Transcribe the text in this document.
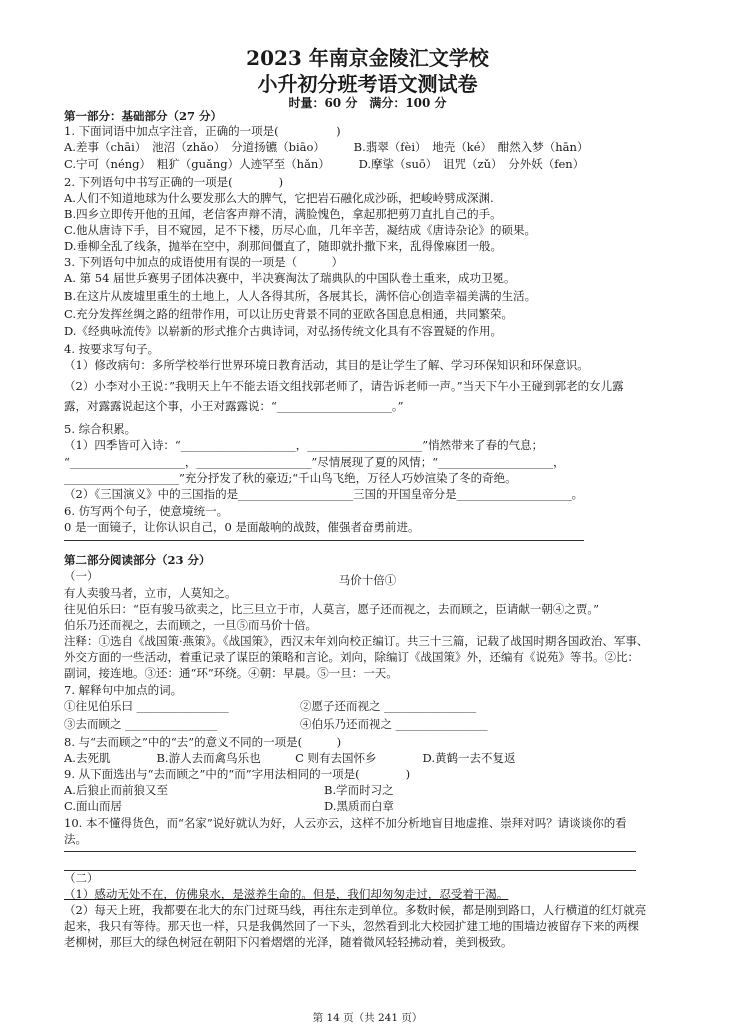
2023 年南京金陵汇文学校
小升初分班考语文测试卷
时量：60 分　满分：100 分
第一部分：基础部分（27 分）
1. 下面词语中加点字注音，正确的一项是(　　　　　)
A.差事（chāi）　池沼（zhǎo）　分道扬镳（biāo）　　　B.翡翠（fèi）　地壳（ké）　酣然入梦（hān）
C.宁可（néng）　粗犷（guǎng）人迹罕至（hǎn）　　　D.摩挲（suō）　诅咒（zǔ）　分外妖（fen）
2. 下列语句中书写正确的一项是(　　　　)
A.人们不知道地球为什么要发那么大的脾气，它把岩石融化成沙砾，把峻岭劈成深渊.
B.四乡立即传开他的丑闻，老信客声辩不清，满脸愧色，拿起那把剪刀直扎自己的手。
C.他从唐诗下手，目不窥园，足不下楼，历尽心血，几年辛苦，凝结成《唐诗杂论》的硕果。
D.垂柳全乱了线条，抛举在空中，刹那间僵直了，随即就扑撒下来，乱得像麻团一般。
3. 下列语句中加点的成语使用有误的一项是（　　　）
A. 第 54 届世乒赛男子团体决赛中，半决赛淘汰了瑞典队的中国队卷土重来，成功卫冕。
B.在这片从废墟里重生的土地上，人人各得其所，各展其长，满怀信心创造幸福美满的生活。
C.充分发挥丝绸之路的纽带作用，可以让历史背景不同的亚欧各国息息相通，共同繁荣。
D.《经典咏流传》以崭新的形式推介古典诗词，对弘扬传统文化具有不容置疑的作用。
4. 按要求写句子。
（1）修改病句：多所学校举行世界环境日教育活动，其目的是让学生了解、学习环保知识和环保意识。
（2）小李对小王说：”我明天上午不能去语文组找郭老师了，请告诉老师一声。”当天下午小王碰到郭老的女儿露
露，对露露说起这个事，小王对露露说：“____________________。”
5. 综合积累。
（1）四季皆可入诗：“____________________，____________________”悄然带来了春的气息；
“____________________，____________________”尽情展现了夏的风情；“____________________，
____________________”充分抒发了秋的豪迈;“千山鸟飞绝，万径人巧妙渲染了冬的奇绝。
（2）《三国演义》中的三国指的是____________________三国的开国皇帝分是____________________。
6. 仿写两个句子，使意境统一。
0 是一面镜子，让你认识自己，0 是面敲响的战鼓，催强者奋勇前进。
第二部分阅读部分（23 分）
（一）	马价十倍①
有人卖骏马者，立市，人莫知之。
往见伯乐曰：“臣有骏马欲卖之，比三旦立于市，人莫言，愿子还而视之，去而顾之，臣请献一朝④之贾。”
伯乐乃还而视之，去而顾之，一旦⑤而马价十倍。
注释：①选自《战国策·燕策》。《战国策》，西汉末年刘向校正编订。共三十三篇，记载了战国时期各国政治、军事、
外交方面的一些活动，着重记录了谋臣的策略和言论。刘向，除编订《战国策》外，还编有《说苑》等书。②比：
副词，接连地。③还：通“环”环绕。④朝：早晨。⑤一旦：一天。
7. 解释句中加点的词。
①往见伯乐曰 ________________	②愿子还而视之 ________________
③去而顾之 ________________	④伯乐乃还而视之 ________________
8. 与“去而顾之”中的“去”的意义不同的一项是(　　　)
A.去死肌　　　　B.游人去而禽鸟乐也　　　C 则有去国怀乡　　　　D.黄鹤一去不复返
9. 从下面选出与“去而顾之”中的“而”字用法相同的一项是(　　　　)
A.后狼止而前狼又至	B.学而时习之
C.面山而居	D.黑质而白章
10. 本不懂得货色，而“名家”说好就认为好，人云亦云，这样不加分析地盲目地虚推、崇拜对吗？请谈谈你的看
法。
（二）
（1）感动无处不在，仿佛泉水，是滋养生命的。但是，我们却匆匆走过，忍受着干渴。
（2）每天上班，我都要在北大的东门过斑马线，再往东走到单位。多数时候，都是刚到路口，人行横道的红灯就亮
起来，我只有等待。那天也一样，只是我偶然回了一下头，忽然看到北大校园扩建工地的围墙边被留存下来的两棵
老柳树，那巨大的绿色树冠在朝阳下闪着熠熠的光泽，随着微风轻轻拂动着，美到极致。
第 14 页（共 241 页）
